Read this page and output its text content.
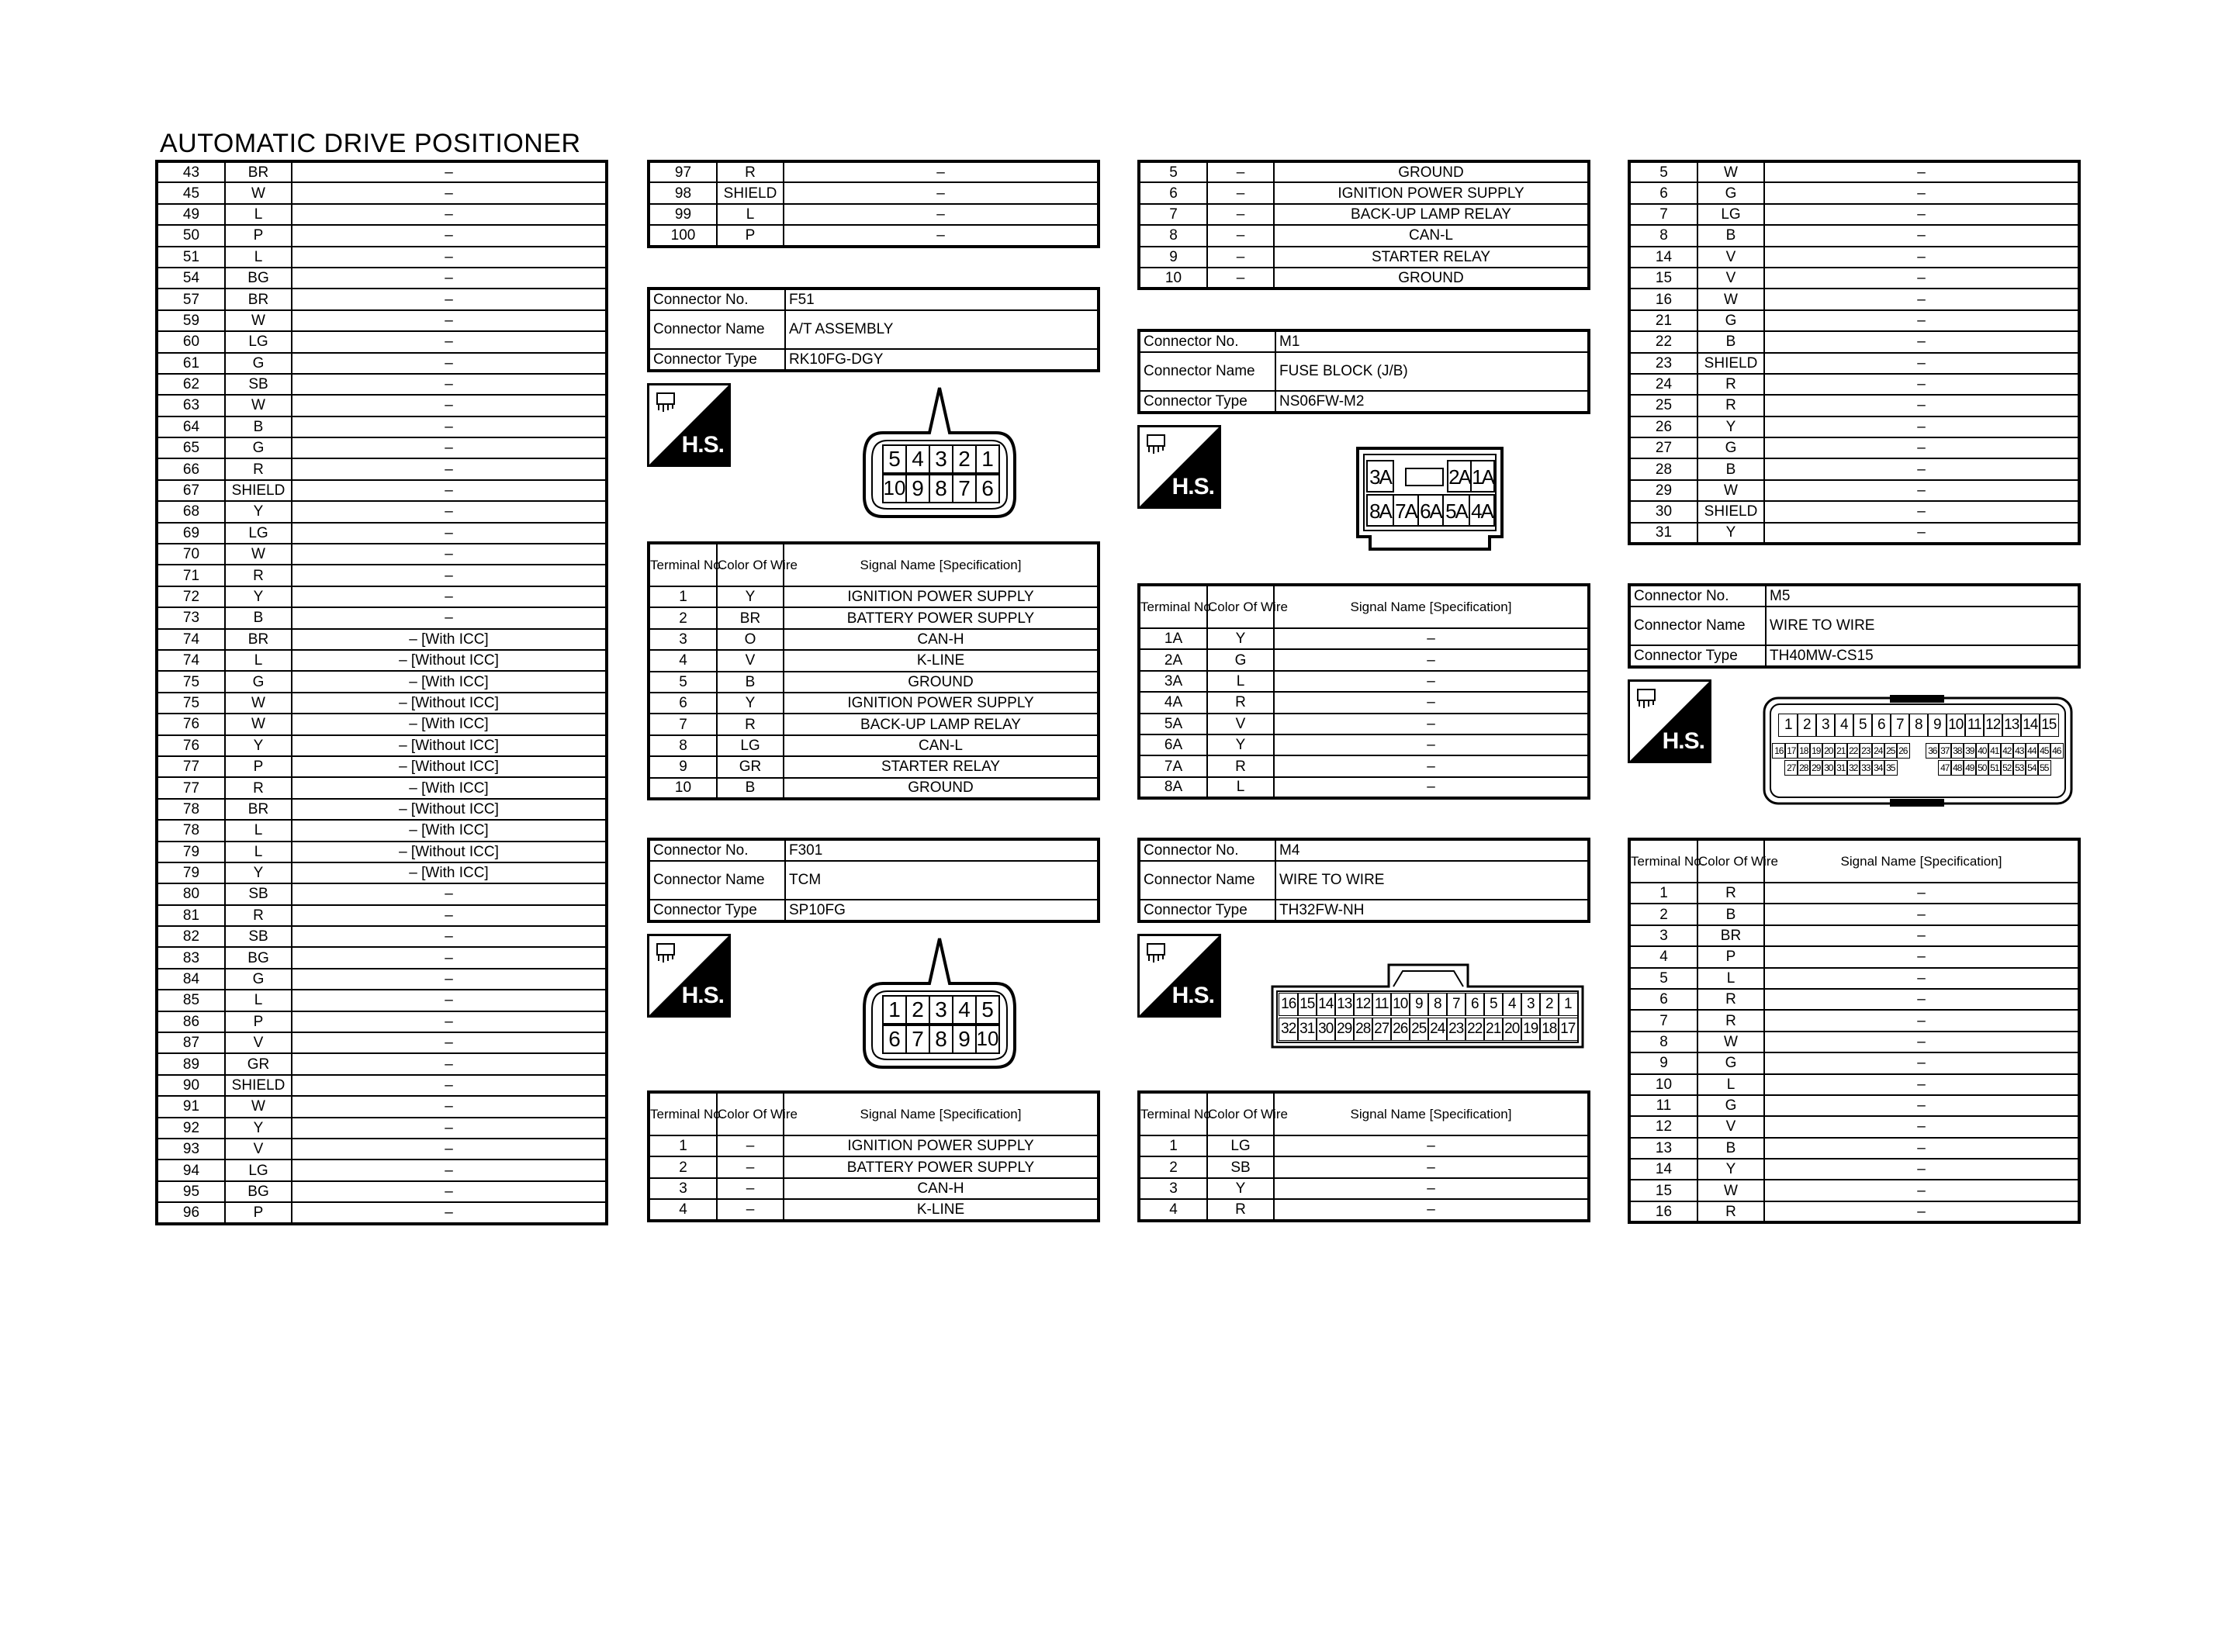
AUTOMATIC DRIVE POSITIONER
43	BR	–
45	W	–
49	L	–
50	P	–
51	L	–
54	BG	–
57	BR	–
59	W	–
60	LG	–
61	G	–
62	SB	–
63	W	–
64	B	–
65	G	–
66	R	–
67	SHIELD	–
68	Y	–
69	LG	–
70	W	–
71	R	–
72	Y	–
73	B	–
74	BR	– [With ICC]
74	L	– [Without ICC]
75	G	– [With ICC]
75	W	– [Without ICC]
76	W	– [With ICC]
76	Y	– [Without ICC]
77	P	– [Without ICC]
77	R	– [With ICC]
78	BR	– [Without ICC]
78	L	– [With ICC]
79	L	– [Without ICC]
79	Y	– [With ICC]
80	SB	–
81	R	–
82	SB	–
83	BG	–
84	G	–
85	L	–
86	P	–
87	V	–
89	GR	–
90	SHIELD	–
91	W	–
92	Y	–
93	V	–
94	LG	–
95	BG	–
96	P	–
97	R	–
98	SHIELD	–
99	L	–
100	P	–
Connector No.	F51
Connector Name	A/T ASSEMBLY
Connector Type	RK10FG-DGY
H.S.
5 4 3 2 1
10 9 8 7 6
Terminal No.	Color Of Wire	Signal Name [Specification]
1	Y	IGNITION POWER SUPPLY
2	BR	BATTERY POWER SUPPLY
3	O	CAN-H
4	V	K-LINE
5	B	GROUND
6	Y	IGNITION POWER SUPPLY
7	R	BACK-UP LAMP RELAY
8	LG	CAN-L
9	GR	STARTER RELAY
10	B	GROUND
Connector No.	F301
Connector Name	TCM
Connector Type	SP10FG
H.S.
1 2 3 4 5
6 7 8 9 10
Terminal No.	Color Of Wire	Signal Name [Specification]
1	–	IGNITION POWER SUPPLY
2	–	BATTERY POWER SUPPLY
3	–	CAN-H
4	–	K-LINE
5	–	GROUND
6	–	IGNITION POWER SUPPLY
7	–	BACK-UP LAMP RELAY
8	–	CAN-L
9	–	STARTER RELAY
10	–	GROUND
Connector No.	M1
Connector Name	FUSE BLOCK (J/B)
Connector Type	NS06FW-M2
H.S.	3A	2A 1A
8A 7A 6A 5A 4A
Terminal No.	Color Of Wire	Signal Name [Specification]
1A	Y	–
2A	G	–
3A	L	–
4A	R	–
5A	V	–
6A	Y	–
7A	R	–
8A	L	–
Connector No.	M4
Connector Name	WIRE TO WIRE
Connector Type	TH32FW-NH
H.S.	16 15 14 13 12 11 10 9 8 7 6 5 4 3 2 1
32 31 30 29 28 27 26 25 24 23 22 21 20 19 18 17
Terminal No.	Color Of Wire	Signal Name [Specification]
1	LG	–
2	SB	–
3	Y	–
4	R	–
5	W	–
6	G	–
7	LG	–
8	B	–
14	V	–
15	V	–
16	W	–
21	G	–
22	B	–
23	SHIELD	–
24	R	–
25	R	–
26	Y	–
27	G	–
28	B	–
29	W	–
30	SHIELD	–
31	Y	–
Connector No.	M5
Connector Name	WIRE TO WIRE
Connector Type	TH40MW-CS15
H.S.
1 2 3 4 5 6 7 8 9 10 11 12 13 14 15
16 17 18 19 20 21 22 23 24 25 26 36 37 38 39 40 41 42 43 44 45 46
27 28 29 30 31 32 33 34 35	47 48 49 50 51 52 53 54 55
Terminal No.	Color Of Wire	Signal Name [Specification]
1	R	–
2	B	–
3	BR	–
4	P	–
5	L	–
6	R	–
7	R	–
8	W	–
9	G	–
10	L	–
11	G	–
12	V	–
13	B	–
14	Y	–
15	W	–
16	R	–
